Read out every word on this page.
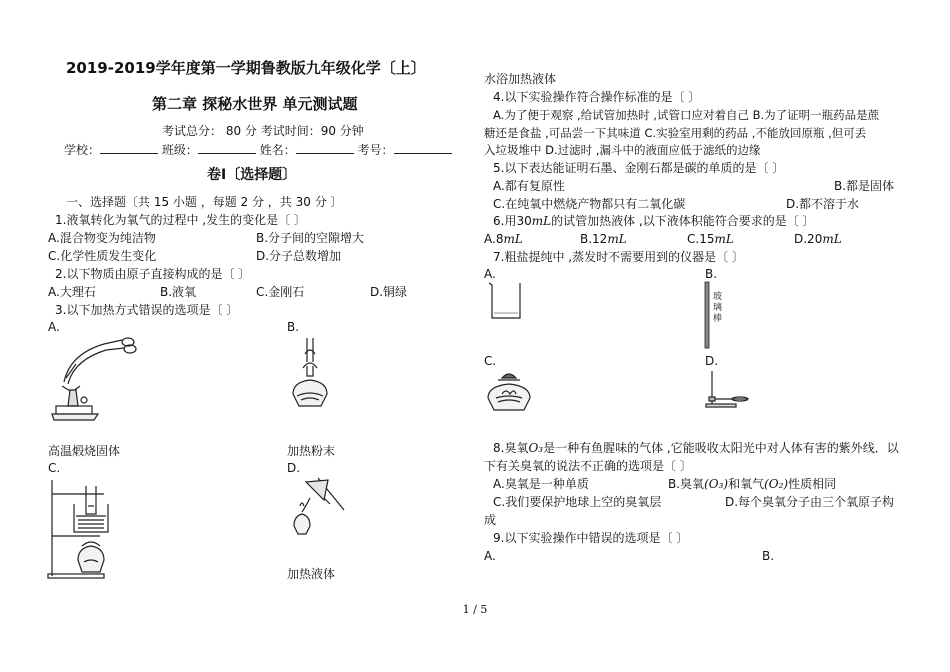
2019-2019学年度第一学期鲁教版九年级化学〔上〕
第二章 探秘水世界 单元测试题
考试总分： 80 分 考试时间：90 分钟
学校：	班级：	姓名：	考号：
卷Ⅰ〔选择题〕
一、选择题〔共 15 小题 ，每题 2 分 ，共 30 分 〕
1.液氧转化为氧气的过程中 ,发生的变化是〔 〕
A.混合物变为纯洁物	B.分子间的空隙增大
C.化学性质发生变化	D.分子总数增加
2.以下物质由原子直接构成的是〔 〕
A.大理石	B.液氧	C.金刚石	D.铜绿
3.以下加热方式错误的选项是〔 〕
A.	B.
高温煅烧固体	加热粉末
C.	D.
加热液体
水浴加热液体
4.以下实验操作符合操作标准的是〔 〕
A.为了便于观察 ,给试管加热时 ,试管口应对着自己 B.为了证明一瓶药品是蔗
糖还是食盐 ,可品尝一下其味道 C.实验室用剩的药品 ,不能放回原瓶 ,但可丢
入垃圾堆中 D.过滤时 ,漏斗中的液面应低于滤纸的边缘
5.以下表达能证明石墨、金刚石都是碳的单质的是〔 〕
A.都有复原性	B.都是固体
C.在纯氧中燃烧产物都只有二氧化碳	D.都不溶于水
6.用30mL的试管加热液体 ,以下液体积能符合要求的是〔 〕
A.8mL	B.12mL	C.15mL	D.20mL
7.粗盐提纯中 ,蒸发时不需要用到的仪器是〔 〕
A.	B.
玻璃棒
C.	D.
8.臭氧O₃是一种有鱼腥味的气体 ,它能吸收太阳光中对人体有害的紫外线．以
下有关臭氧的说法不正确的选项是〔 〕
A.臭氧是一种单质	B.臭氧(O₃)和氧气(O₂)性质相同
C.我们要保护地球上空的臭氧层	D.每个臭氧分子由三个氧原子构
成
9.以下实验操作中错误的选项是〔 〕
A.	B.
1 / 5
